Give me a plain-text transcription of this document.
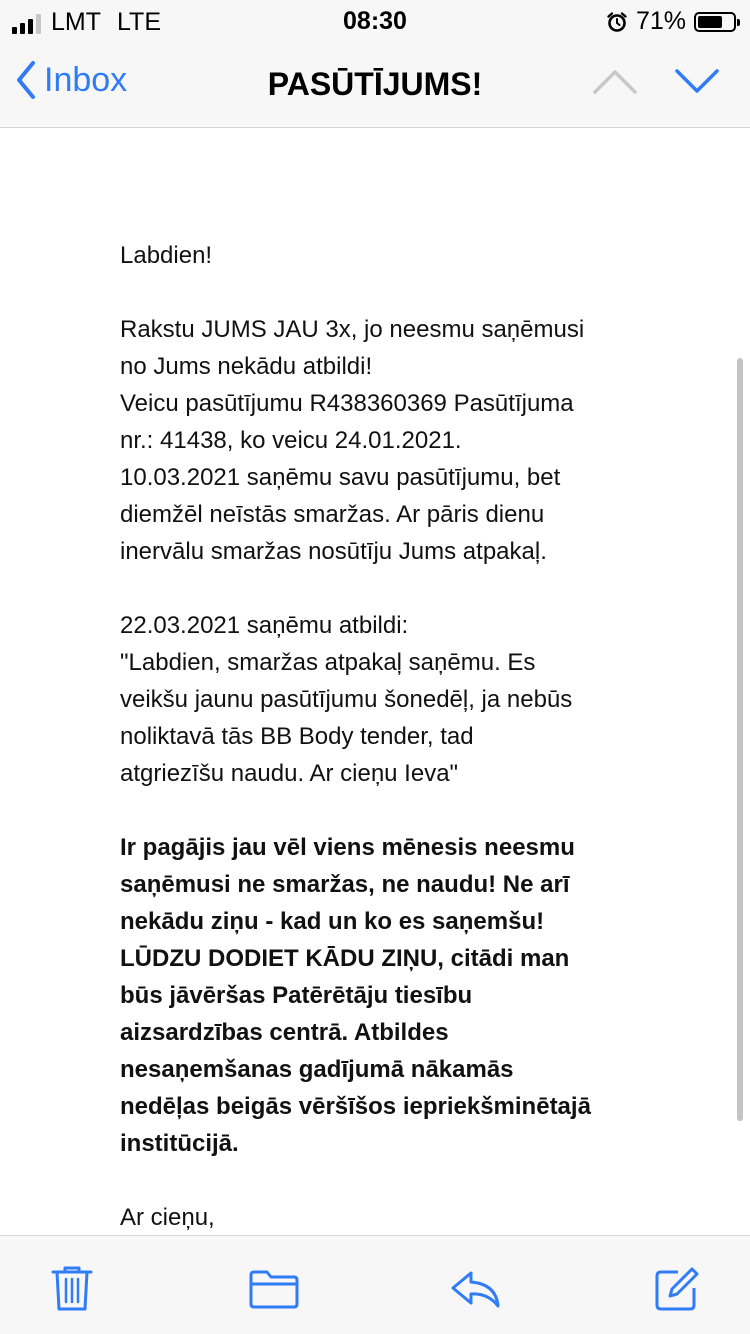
LMT LTE	08:30	71%
Inbox	PASŪTĪJUMS!

Labdien!

Rakstu JUMS JAU 3x, jo neesmu saņēmusi
no Jums nekādu atbildi!
Veicu pasūtījumu R438360369 Pasūtījuma
nr.: 41438, ko veicu 24.01.2021.
10.03.2021 saņēmu savu pasūtījumu, bet
diemžēl neīstās smaržas. Ar pāris dienu
inervālu smaržas nosūtīju Jums atpakaļ.

22.03.2021 saņēmu atbildi:
"Labdien, smaržas atpakaļ saņēmu. Es
veikšu jaunu pasūtījumu šonedēļ, ja nebūs
noliktavā tās BB Body tender, tad
atgriezīšu naudu. Ar cieņu Ieva"

Ir pagājis jau vēl viens mēnesis neesmu
saņēmusi ne smaržas, ne naudu! Ne arī
nekādu ziņu - kad un ko es saņemšu!
LŪDZU DODIET KĀDU ZIŅU, citādi man
būs jāvēršas Patērētāju tiesību
aizsardzības centrā. Atbildes
nesaņemšanas gadījumā nākamās
nedēļas beigās vēršīšos iepriekšminētajā
institūcijā.

Ar cieņu,
